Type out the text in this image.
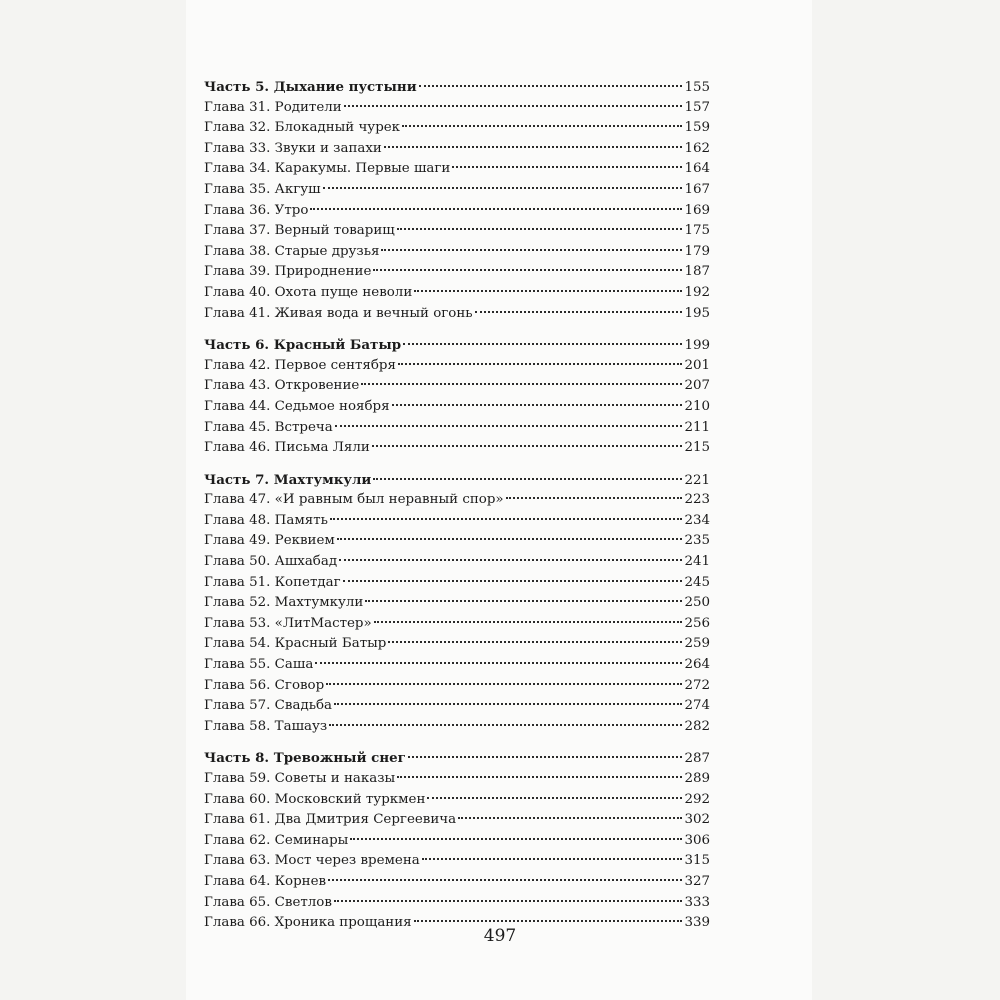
Часть 5. Дыхание пустыни	155
Глава 31. Родители	157
Глава 32. Блокадный чурек	159
Глава 33. Звуки и запахи	162
Глава 34. Каракумы. Первые шаги	164
Глава 35. Акгуш	167
Глава 36. Утро	169
Глава 37. Верный товарищ	175
Глава 38. Старые друзья	179
Глава 39. Природнение	187
Глава 40. Охота пуще неволи	192
Глава 41. Живая вода и вечный огонь	195
Часть 6. Красный Батыр	199
Глава 42. Первое сентября	201
Глава 43. Откровение	207
Глава 44. Седьмое ноября	210
Глава 45. Встреча	211
Глава 46. Письма Ляли	215
Часть 7. Махтумкули	221
Глава 47. «И равным был неравный спор»	223
Глава 48. Память	234
Глава 49. Реквием	235
Глава 50. Ашхабад	241
Глава 51. Копетдаг	245
Глава 52. Махтумкули	250
Глава 53. «ЛитМастер»	256
Глава 54. Красный Батыр	259
Глава 55. Саша	264
Глава 56. Сговор	272
Глава 57. Свадьба	274
Глава 58. Ташауз	282
Часть 8. Тревожный снег	287
Глава 59. Советы и наказы	289
Глава 60. Московский туркмен	292
Глава 61. Два Дмитрия Сергеевича	302
Глава 62. Семинары	306
Глава 63. Мост через времена	315
Глава 64. Корнев	327
Глава 65. Светлов	333
Глава 66. Хроника прощания	339
497
